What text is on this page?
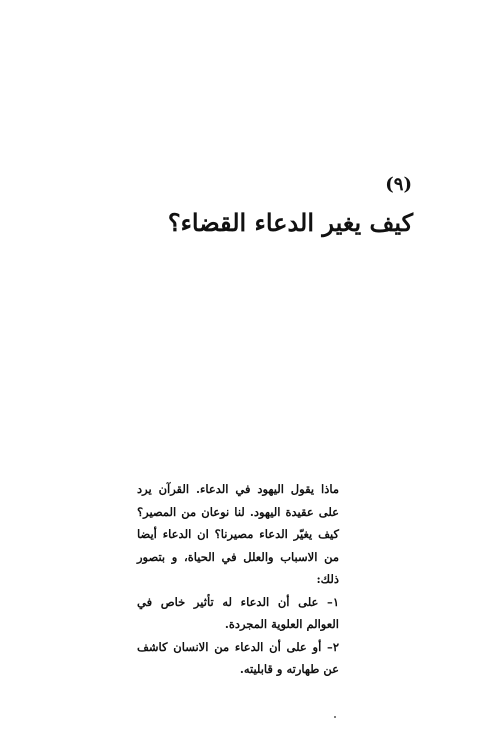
(٩)
كيف يغير الدعاء القضاء؟

ماذا يقول اليهود في الدعاء. القرآن يرد على عقيدة اليهود. لنا نوعان من المصير؟ كيف يغيّر الدعاء مصيرنا؟ ان الدعاء أيضا من الاسباب والعلل في الحياة، و بتصور ذلك:

١– على أن الدعاء له تأثير خاص في العوالم العلوية المجردة.

٢– أو على أن الدعاء من الانسان كاشف عن طهارته و قابليته.
